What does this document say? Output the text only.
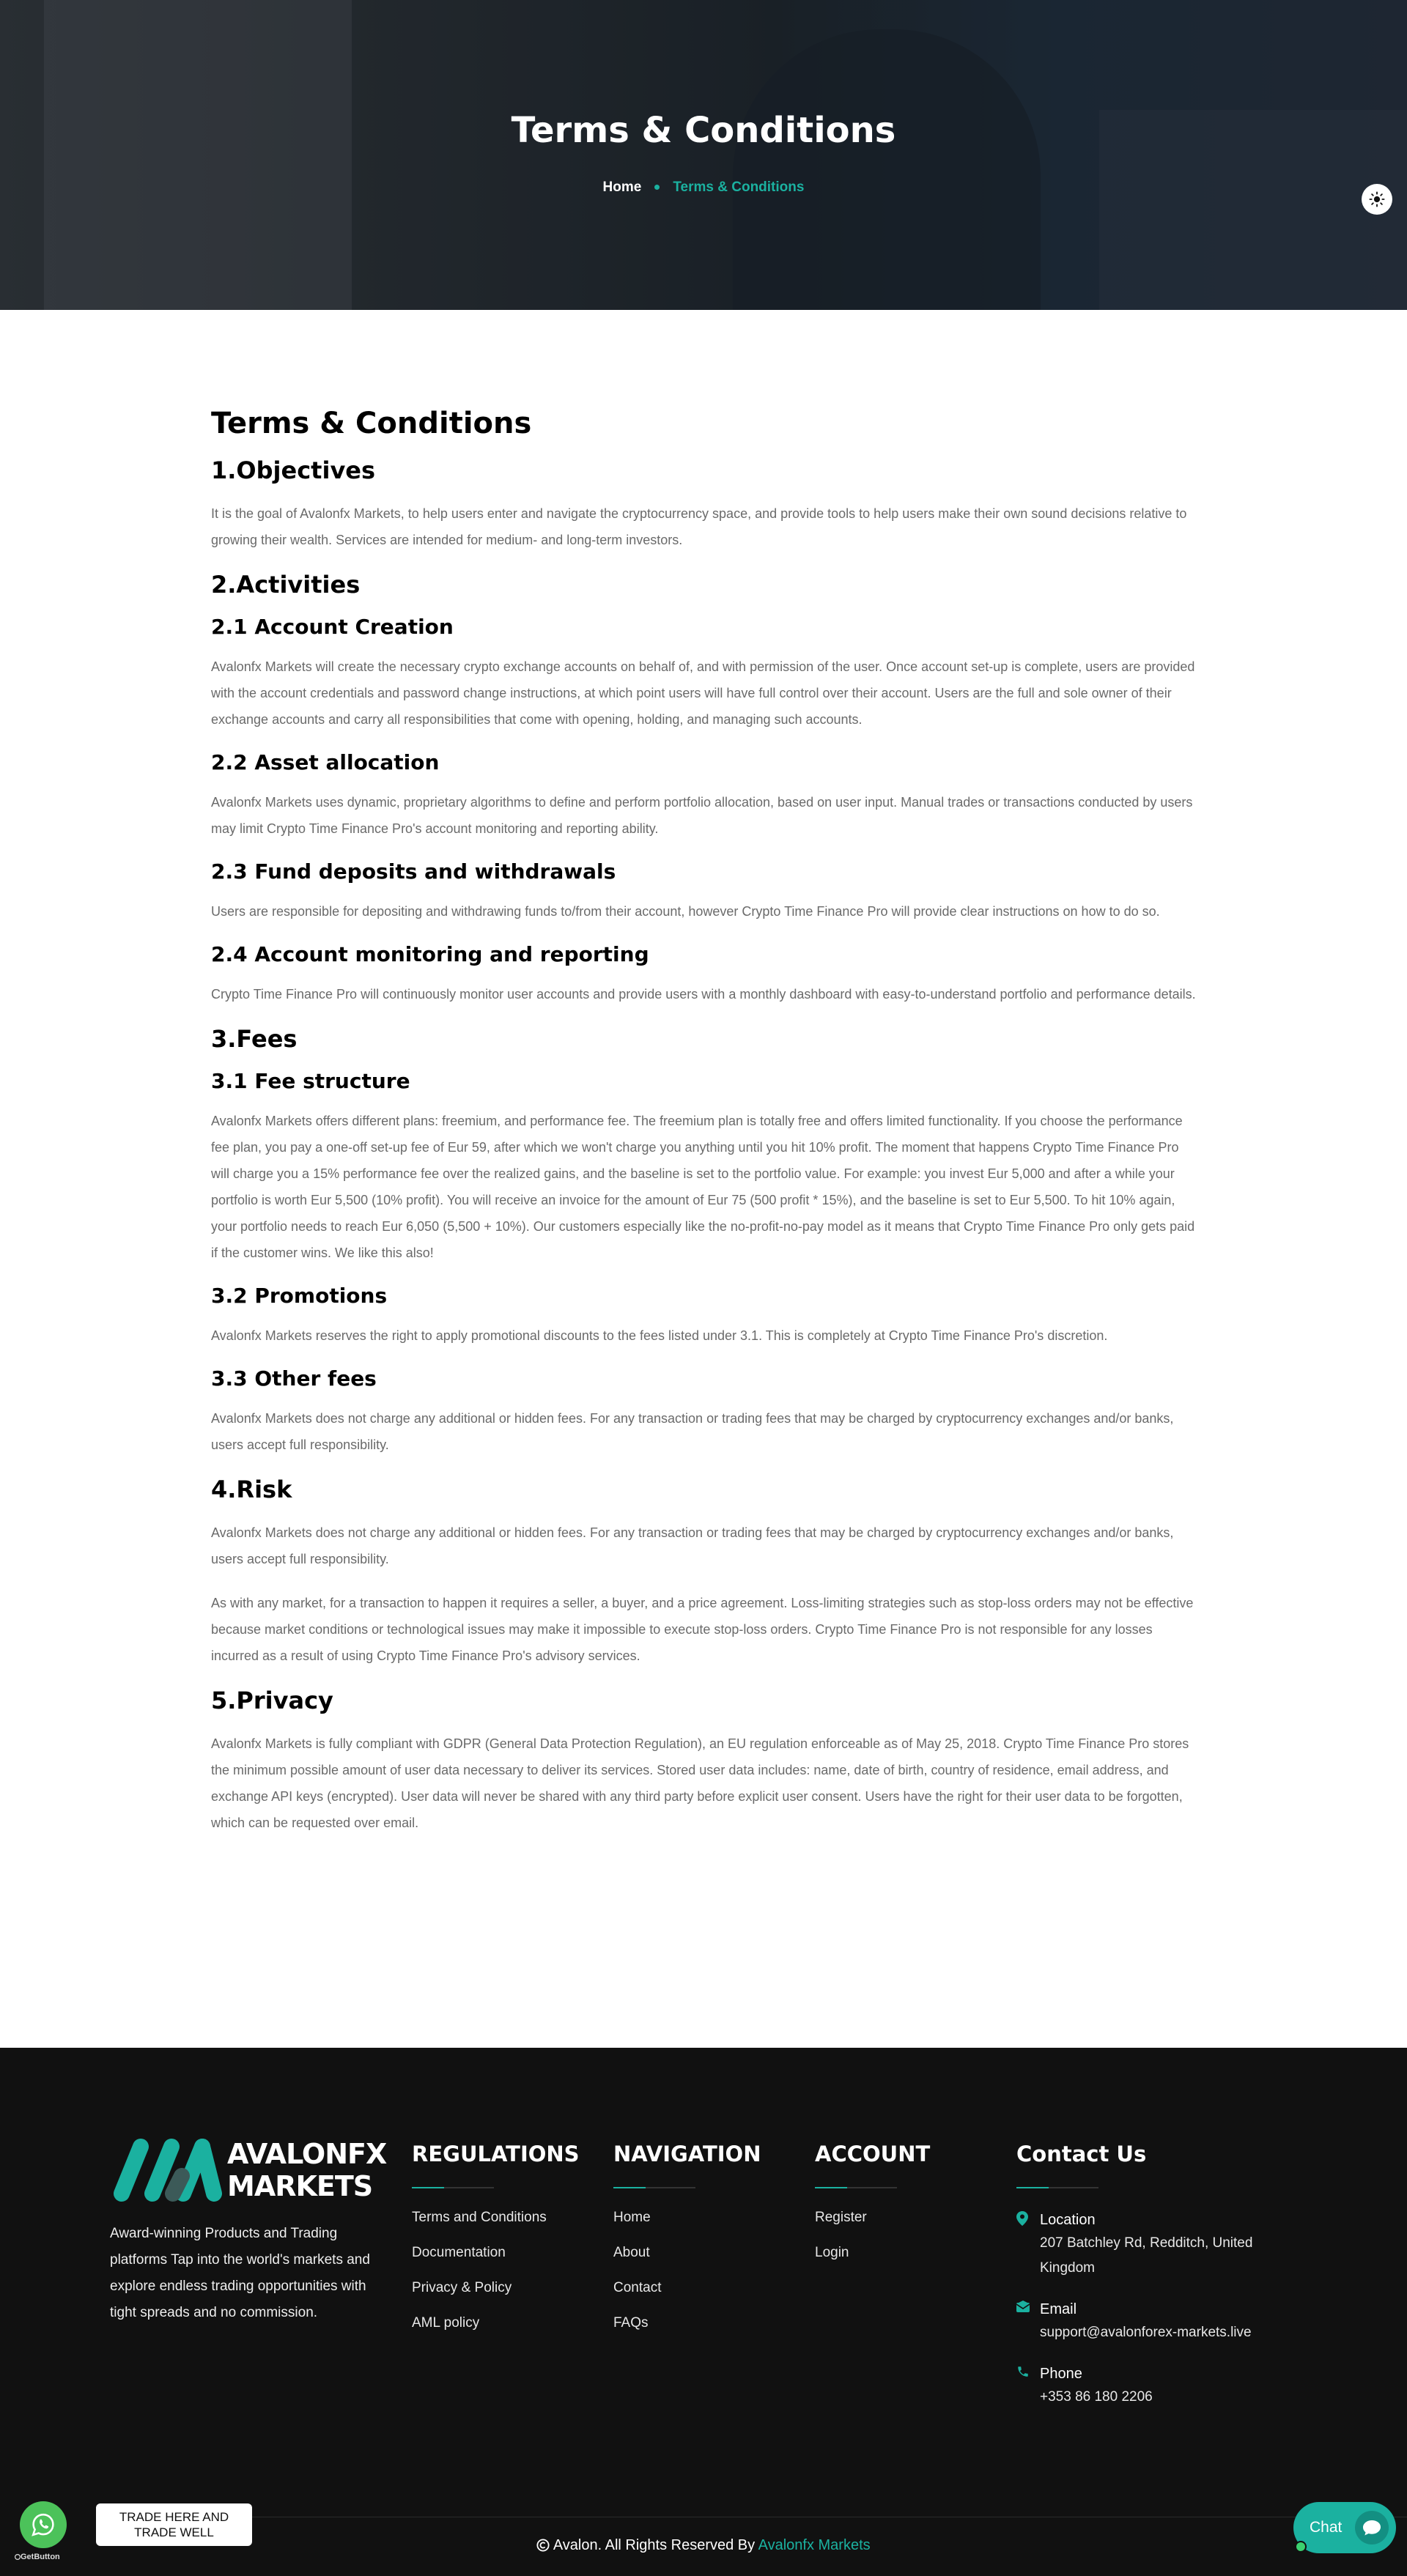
Terms & Conditions
Home Terms & Conditions
Terms & Conditions
1.Objectives

It is the goal of Avalonfx Markets, to help users enter and navigate the cryptocurrency space, and provide tools to help users make their own sound decisions relative to growing their wealth. Services are intended for medium- and long-term investors.

2.Activities
2.1 Account Creation

Avalonfx Markets will create the necessary crypto exchange accounts on behalf of, and with permission of the user. Once account set-up is complete, users are provided with the account credentials and password change instructions, at which point users will have full control over their account. Users are the full and sole owner of their exchange accounts and carry all responsibilities that come with opening, holding, and managing such accounts.

2.2 Asset allocation

Avalonfx Markets uses dynamic, proprietary algorithms to define and perform portfolio allocation, based on user input. Manual trades or transactions conducted by users may limit Crypto Time Finance Pro's account monitoring and reporting ability.

2.3 Fund deposits and withdrawals

Users are responsible for depositing and withdrawing funds to/from their account, however Crypto Time Finance Pro will provide clear instructions on how to do so.

2.4 Account monitoring and reporting

Crypto Time Finance Pro will continuously monitor user accounts and provide users with a monthly dashboard with easy-to-understand portfolio and performance details.

3.Fees
3.1 Fee structure

Avalonfx Markets offers different plans: freemium, and performance fee. The freemium plan is totally free and offers limited functionality. If you choose the performance fee plan, you pay a one-off set-up fee of Eur 59, after which we won't charge you anything until you hit 10% profit. The moment that happens Crypto Time Finance Pro will charge you a 15% performance fee over the realized gains, and the baseline is set to the portfolio value. For example: you invest Eur 5,000 and after a while your portfolio is worth Eur 5,500 (10% profit). You will receive an invoice for the amount of Eur 75 (500 profit * 15%), and the baseline is set to Eur 5,500. To hit 10% again, your portfolio needs to reach Eur 6,050 (5,500 + 10%). Our customers especially like the no-profit-no-pay model as it means that Crypto Time Finance Pro only gets paid if the customer wins. We like this also!

3.2 Promotions

Avalonfx Markets reserves the right to apply promotional discounts to the fees listed under 3.1. This is completely at Crypto Time Finance Pro's discretion.

3.3 Other fees

Avalonfx Markets does not charge any additional or hidden fees. For any transaction or trading fees that may be charged by cryptocurrency exchanges and/or banks, users accept full responsibility.

4.Risk

Avalonfx Markets does not charge any additional or hidden fees. For any transaction or trading fees that may be charged by cryptocurrency exchanges and/or banks, users accept full responsibility.

As with any market, for a transaction to happen it requires a seller, a buyer, and a price agreement. Loss-limiting strategies such as stop-loss orders may not be effective because market conditions or technological issues may make it impossible to execute stop-loss orders. Crypto Time Finance Pro is not responsible for any losses incurred as a result of using Crypto Time Finance Pro's advisory services.

5.Privacy

Avalonfx Markets is fully compliant with GDPR (General Data Protection Regulation), an EU regulation enforceable as of May 25, 2018. Crypto Time Finance Pro stores the minimum possible amount of user data necessary to deliver its services. Stored user data includes: name, date of birth, country of residence, email address, and exchange API keys (encrypted). User data will never be shared with any third party before explicit user consent. Users have the right for their user data to be forgotten, which can be requested over email.

AVALONFX
MARKETS

Award-winning Products and Trading platforms Tap into the world's markets and explore endless trading opportunities with tight spreads and no commission.

REGULATIONS
Terms and Conditions
Documentation
Privacy & Policy
AML policy
NAVIGATION
Home
About
Contact
FAQs
ACCOUNT
Register
Login
Contact Us
Location
207 Batchley Rd, Redditch, United Kingdom
Email
support@avalonforex-markets.live
Phone
+353 86 180 2206
Avalon. All Rights Reserved By Avalonfx Markets
TRADE HERE AND
TRADE WELL
GetButton
Chat
